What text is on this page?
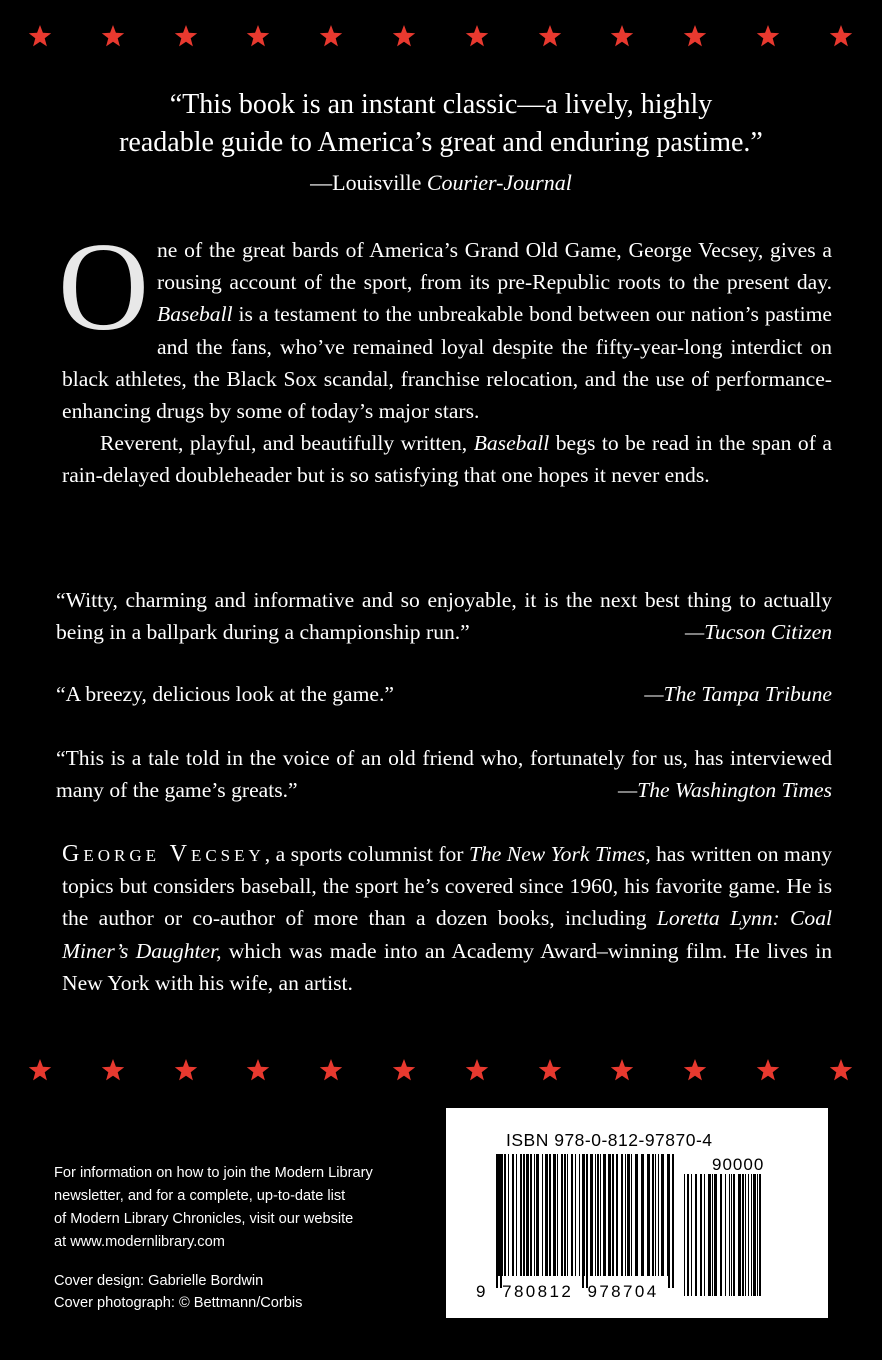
“This book is an instant classic—a lively, highly
readable guide to America’s great and enduring pastime.”
—Louisville Courier-Journal

One of the great bards of America’s Grand Old Game, George Vecsey, gives a rousing account of the sport, from its pre-Republic roots to the present day. Baseball is a testament to the unbreakable bond between our nation’s pastime and the fans, who’ve remained loyal despite the fifty-year-long interdict on black athletes, the Black Sox scandal, franchise relocation, and the use of performance-enhancing drugs by some of today’s major stars.

Reverent, playful, and beautifully written, Baseball begs to be read in the span of a rain-delayed doubleheader but is so satisfying that one hopes it never ends.

“Witty, charming and informative and so enjoyable, it is the next best thing to actually being in a ballpark during a championship run.”	—Tucson Citizen

“A breezy, delicious look at the game.”	—The Tampa Tribune

“This is a tale told in the voice of an old friend who, fortunately for us, has interviewed many of the game’s greats.”	—The Washington Times

George Vecsey, a sports columnist for The New York Times, has written on many topics but considers baseball, the sport he’s covered since 1960, his favorite game. He is the author or co-author of more than a dozen books, including Loretta Lynn: Coal Miner’s Daughter, which was made into an Academy Award–winning film. He lives in New York with his wife, an artist.
For information on how to join the Modern Library
newsletter, and for a complete, up-to-date list
of Modern Library Chronicles, visit our website
at www.modernlibrary.com
Cover design: Gabrielle Bordwin
Cover photograph: © Bettmann/Corbis
ISBN 978-0-812-97870-4
90000
9  780812  978704
